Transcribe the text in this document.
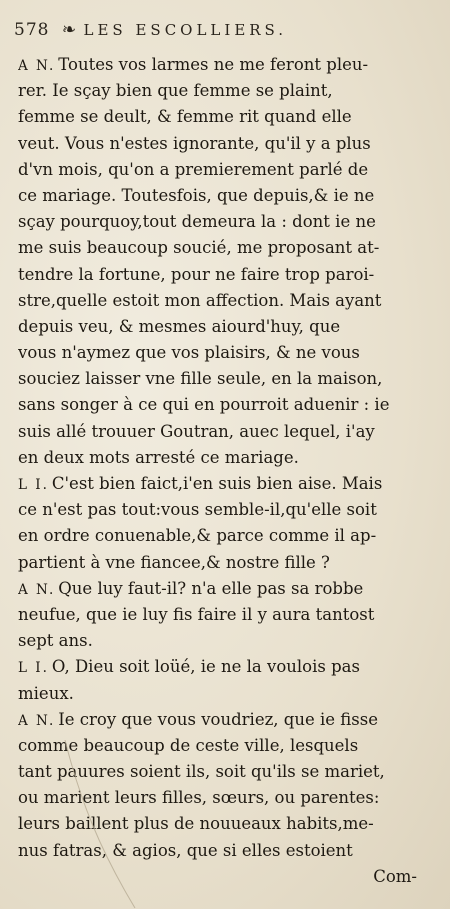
578 ❧ LES ESCOLLIERS.
A N. Toutes vos larmes ne me feront pleu-
rer. Ie sçay bien que femme se plaint,
femme se deult, & femme rit quand elle
veut. Vous n'estes ignorante, qu'il y a plus
d'vn mois, qu'on a premierement parlé de
ce mariage. Toutesfois, que depuis,& ie ne
sçay pourquoy,tout demeura la : dont ie ne
me suis beaucoup soucié, me proposant at-
tendre la fortune, pour ne faire trop paroi-
stre,quelle estoit mon affection. Mais ayant
depuis veu, & mesmes aiourd'huy, que
vous n'aymez que vos plaisirs, & ne vous
souciez laisser vne fille seule, en la maison,
sans songer à ce qui en pourroit aduenir : ie
suis allé trouuer Goutran, auec lequel, i'ay
en deux mots arresté ce mariage.
L I. C'est bien faict,i'en suis bien aise. Mais
ce n'est pas tout:vous semble-il,qu'elle soit
en ordre conuenable,& parce comme il ap-
partient à vne fiancee,& nostre fille ?
A N. Que luy faut-il? n'a elle pas sa robbe
neufue, que ie luy fis faire il y aura tantost
sept ans.
L I. O, Dieu soit loüé, ie ne la voulois pas
mieux.
A N. Ie croy que vous voudriez, que ie fisse
comme beaucoup de ceste ville, lesquels
tant pauures soient ils, soit qu'ils se mariet,
ou marient leurs filles, sœurs, ou parentes:
leurs baillent plus de nouueaux habits,me-
nus fatras, & agios, que si elles estoient
Com-
